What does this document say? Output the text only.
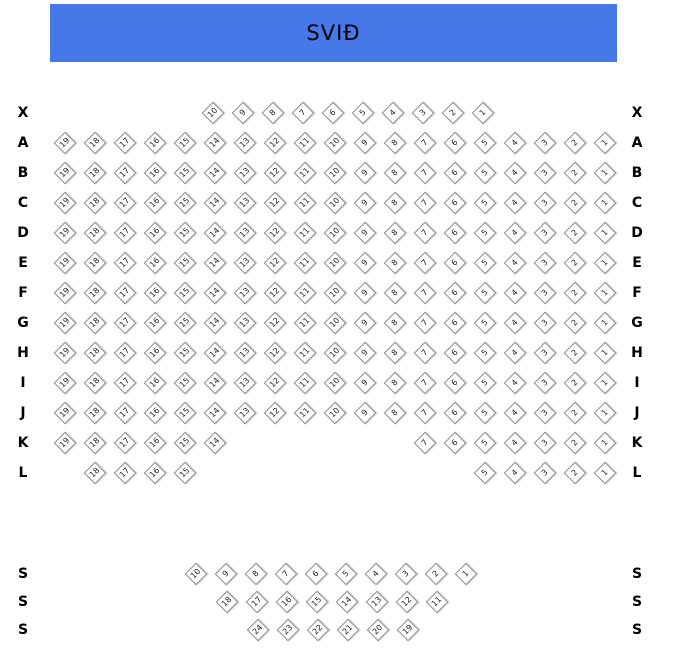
SVIÐ
X	X
10	9	8	7	6	5	4	3	2	1
A	A
19	18	17	16	15	14	13	12	11	10	9	8	7	6	5	4	3	2	1
B	B
19	18	17	16	15	14	13	12	11	10	9	8	7	6	5	4	3	2	1
C	C
19	18	17	16	15	14	13	12	11	10	9	8	7	6	5	4	3	2	1
D	D
19	18	17	16	15	14	13	12	11	10	9	8	7	6	5	4	3	2	1
E	E
19	18	17	16	15	14	13	12	11	10	9	8	7	6	5	4	3	2	1
F	F
19	18	17	16	15	14	13	12	11	10	9	8	7	6	5	4	3	2	1
G	G
19	18	17	16	15	14	13	12	11	10	9	8	7	6	5	4	3	2	1
H	H
19	18	17	16	15	14	13	12	11	10	9	8	7	6	5	4	3	2	1
I	I
19	18	17	16	15	14	13	12	11	10	9	8	7	6	5	4	3	2	1
J	J
19	18	17	16	15	14	13	12	11	10	9	8	7	6	5	4	3	2	1
K	K
19	18	17	16	15	14	7	6	5	4	3	2	1
L	L
18	17	16	15	5	4	3	2	1
S	S
10	9	8	7	6	5	4	3	2	1
S	S
18	17	16	15	14	13	12	11
S	S
24	23	22	21	20	19
